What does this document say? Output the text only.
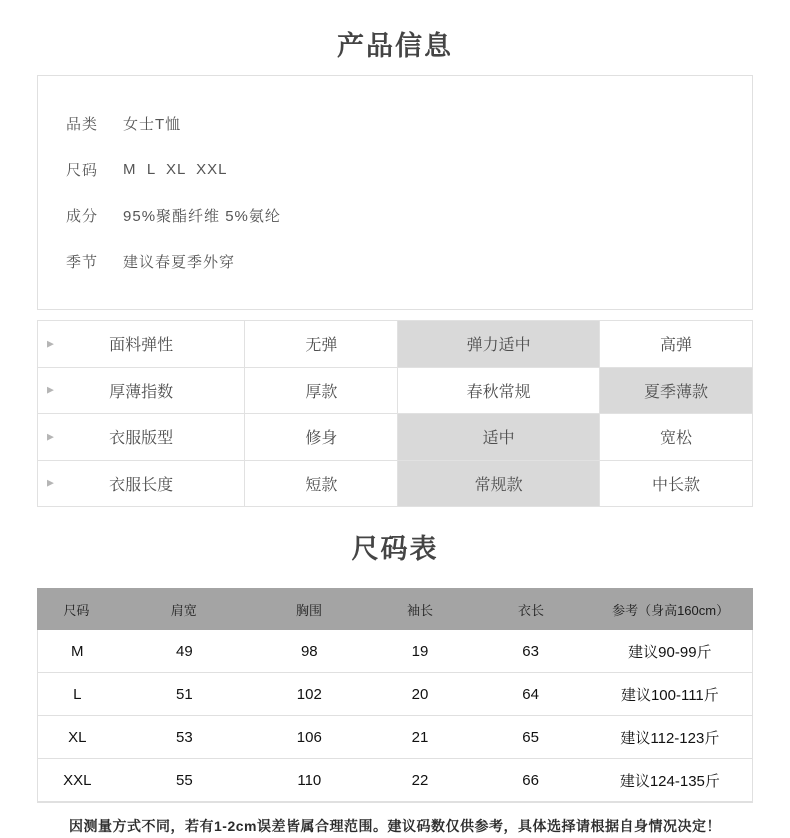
产品信息
品类 女士T恤
尺码 M  L  XL  XXL
成分 95%聚酯纤维 5%氨纶
季节 建议春夏季外穿
▶	面料弹性	无弹	弹力适中	高弹
▶	厚薄指数	厚款	春秋常规	夏季薄款
▶	衣服版型	修身	适中	宽松
▶	衣服长度	短款	常规款	中长款
尺码表
尺码	肩宽	胸围	袖长	衣长	参考（身高160cm）
M	49	98	19	63	建议90-99斤
L	51	102	20	64	建议100-111斤
XL	53	106	21	65	建议112-123斤
XXL	55	110	22	66	建议124-135斤
因测量方式不同，若有1-2cm误差皆属合理范围。建议码数仅供参考，具体选择请根据自身情况决定！
